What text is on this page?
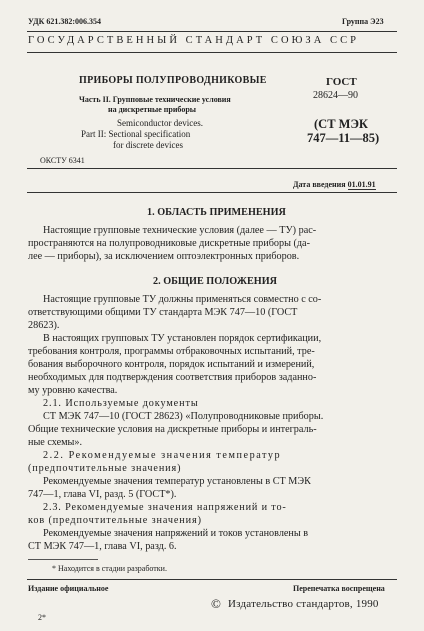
УДК 621.382:006.354	Группа Э23
ГОСУДАРСТВЕННЫЙ СТАНДАРТ СОЮЗА ССР
ПРИБОРЫ ПОЛУПРОВОДНИКОВЫЕ
Часть II. Групповые технические условия
на дискретные приборы
Semiconductor devices.
Part II: Sectional specification
for discrete devices
ОКСТУ 6341
ГОСТ
28624—90
(СТ МЭК
747—11—85)
Дата введения 01.01.91
1. ОБЛАСТЬ ПРИМЕНЕНИЯ
Настоящие групповые технические условия (далее — ТУ) рас-
пространяются на полупроводниковые дискретные приборы (да-
лее — приборы), за исключением оптоэлектронных приборов.
2. ОБЩИЕ ПОЛОЖЕНИЯ
Настоящие групповые ТУ должны применяться совместно с со-
ответствующими общими ТУ стандарта МЭК 747—10 (ГОСТ
28623).
В настоящих групповых ТУ установлен порядок сертификации,
требования контроля, программы отбраковочных испытаний, тре-
бования выборочного контроля, порядок испытаний и измерений,
необходимых для подтверждения соответствия приборов заданно-
му уровню качества.
2.1. Используемые документы
СТ МЭК 747—10 (ГОСТ 28623) «Полупроводниковые приборы.
Общие технические условия на дискретные приборы и интеграль-
ные схемы».
2.2. Рекомендуемые значения температур
(предпочтительные значения)
Рекомендуемые значения температур установлены в СТ МЭК
747—1, глава VI, разд. 5 (ГОСТ*).
2.3. Рекомендуемые значения напряжений и то-
ков (предпочтительные значения)
Рекомендуемые значения напряжений и токов установлены в
СТ МЭК 747—1, глава VI, разд. 6.
* Находится в стадии разработки.
Издание официальное	Перепечатка воспрещена
© Издательство стандартов, 1990
2*
